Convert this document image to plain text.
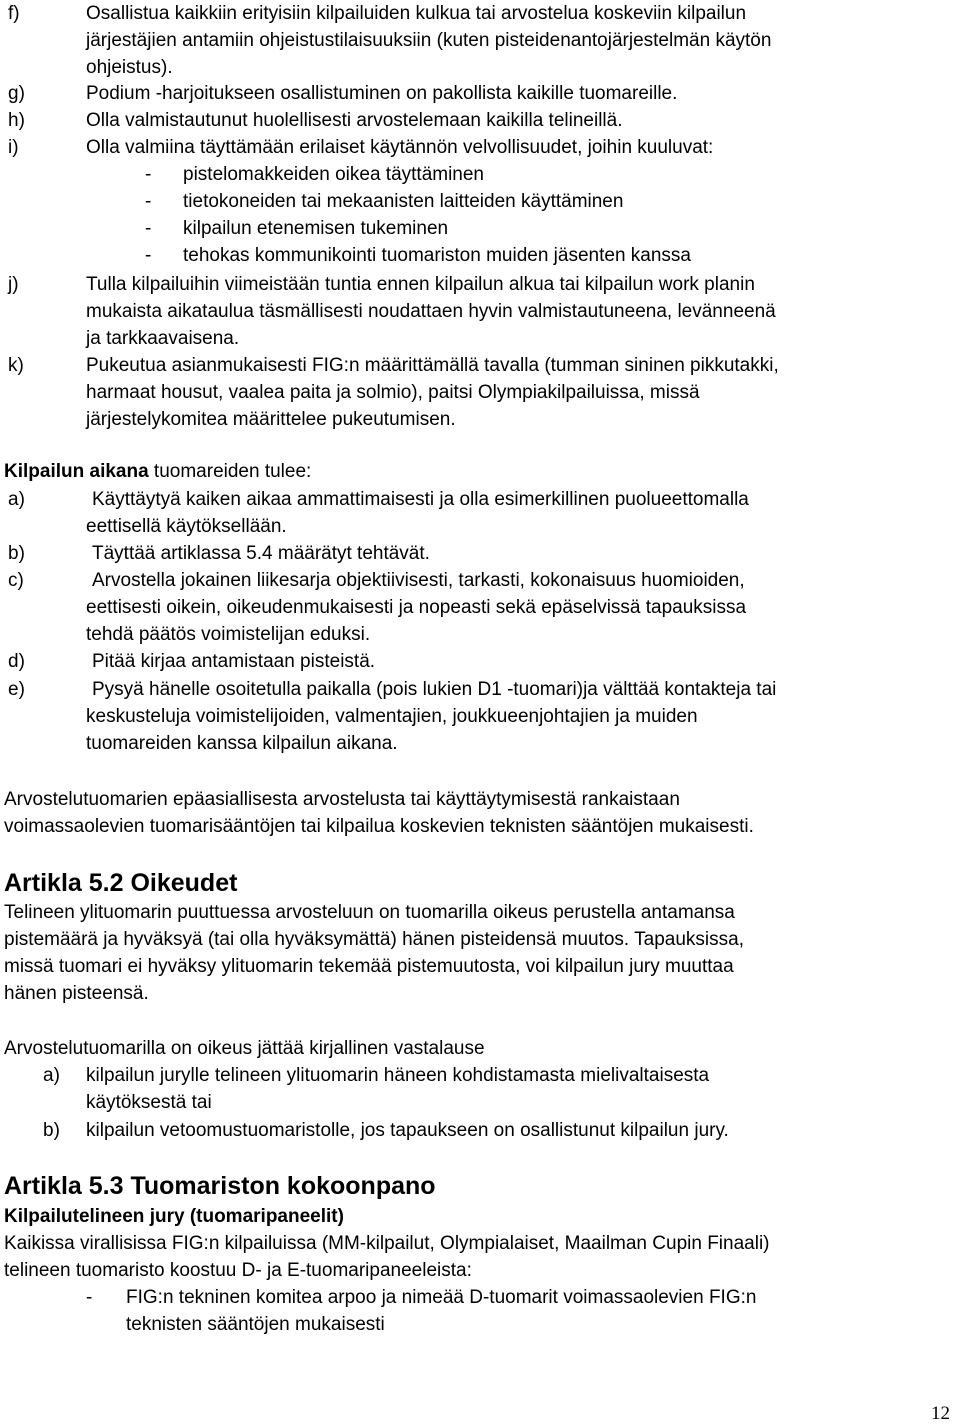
f)	Osallistua kaikkiin erityisiin kilpailuiden kulkua tai arvostelua koskeviin kilpailun
järjestäjien antamiin ohjeistustilaisuuksiin (kuten pisteidenantojärjestelmän käytön
ohjeistus).
g)	Podium -harjoitukseen osallistuminen on pakollista kaikille tuomareille.
h)	Olla valmistautunut huolellisesti arvostelemaan kaikilla telineillä.
i)	Olla valmiina täyttämään erilaiset käytännön velvollisuudet, joihin kuuluvat:
- pistelomakkeiden oikea täyttäminen
- tietokoneiden tai mekaanisten laitteiden käyttäminen
- kilpailun etenemisen tukeminen
- tehokas kommunikointi tuomariston muiden jäsenten kanssa
j)	Tulla kilpailuihin viimeistään tuntia ennen kilpailun alkua tai kilpailun work planin
mukaista aikataulua täsmällisesti noudattaen hyvin valmistautuneena, levänneenä
ja tarkkaavaisena.
k)	Pukeutua asianmukaisesti FIG:n määrittämällä tavalla (tumman sininen pikkutakki,
harmaat housut, vaalea paita ja solmio), paitsi Olympiakilpailuissa, missä
järjestelykomitea määrittelee pukeutumisen.
Kilpailun aikana tuomareiden tulee:
a)	Käyttäytyä kaiken aikaa ammattimaisesti ja olla esimerkillinen puolueettomalla
eettisellä käytöksellään.
b)	Täyttää artiklassa 5.4 määrätyt tehtävät.
c)	Arvostella jokainen liikesarja objektiivisesti, tarkasti, kokonaisuus huomioiden,
eettisesti oikein, oikeudenmukaisesti ja nopeasti sekä epäselvissä tapauksissa
tehdä päätös voimistelijan eduksi.
d)	Pitää kirjaa antamistaan pisteistä.
e)	Pysyä hänelle osoitetulla paikalla (pois lukien D1 -tuomari)ja välttää kontakteja tai
keskusteluja voimistelijoiden, valmentajien, joukkueenjohtajien ja muiden
tuomareiden kanssa kilpailun aikana.
Arvostelutuomarien epäasiallisesta arvostelusta tai käyttäytymisestä rankaistaan
voimassaolevien tuomarisääntöjen tai kilpailua koskevien teknisten sääntöjen mukaisesti.
Artikla 5.2 Oikeudet
Telineen ylituomarin puuttuessa arvosteluun on tuomarilla oikeus perustella antamansa
pistemäärä ja hyväksyä (tai olla hyväksymättä) hänen pisteidensä muutos. Tapauksissa,
missä tuomari ei hyväksy ylituomarin tekemää pistemuutosta, voi kilpailun jury muuttaa
hänen pisteensä.
Arvostelutuomarilla on oikeus jättää kirjallinen vastalause
a) kilpailun jurylle telineen ylituomarin häneen kohdistamasta mielivaltaisesta
käytöksestä tai
b) kilpailun vetoomustuomaristolle, jos tapaukseen on osallistunut kilpailun jury.
Artikla 5.3 Tuomariston kokoonpano
Kilpailutelineen jury (tuomaripaneelit)
Kaikissa virallisissa FIG:n kilpailuissa (MM-kilpailut, Olympialaiset, Maailman Cupin Finaali)
telineen tuomaristo koostuu D- ja E-tuomaripaneeleista:
- FIG:n tekninen komitea arpoo ja nimeää D-tuomarit voimassaolevien FIG:n
teknisten sääntöjen mukaisesti
12
